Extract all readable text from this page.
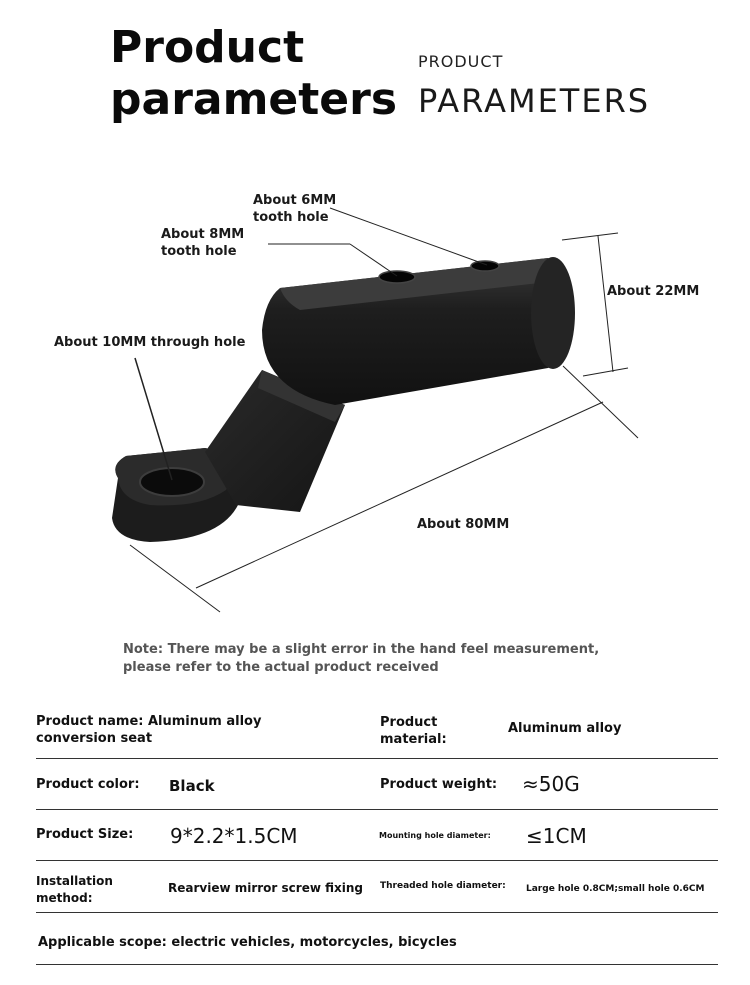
Product
parameters
PRODUCT
PARAMETERS
About 6MM
tooth hole
About 8MM
tooth hole
About 10MM through hole
About 22MM
About 80MM
Note: There may be a slight error in the hand feel measurement, please refer to the actual product received
Product name: Aluminum alloy
conversion seat
Product
material:
Aluminum alloy
Product color: Black	Product weight: ≈50G
Product Size: 9*2.2*1.5CM	Mounting hole diameter: ≤1CM
Installation
method:
Rearview mirror screw fixing Threaded hole diameter: Large hole 0.8CM;small hole 0.6CM
Applicable scope: electric vehicles, motorcycles, bicycles
